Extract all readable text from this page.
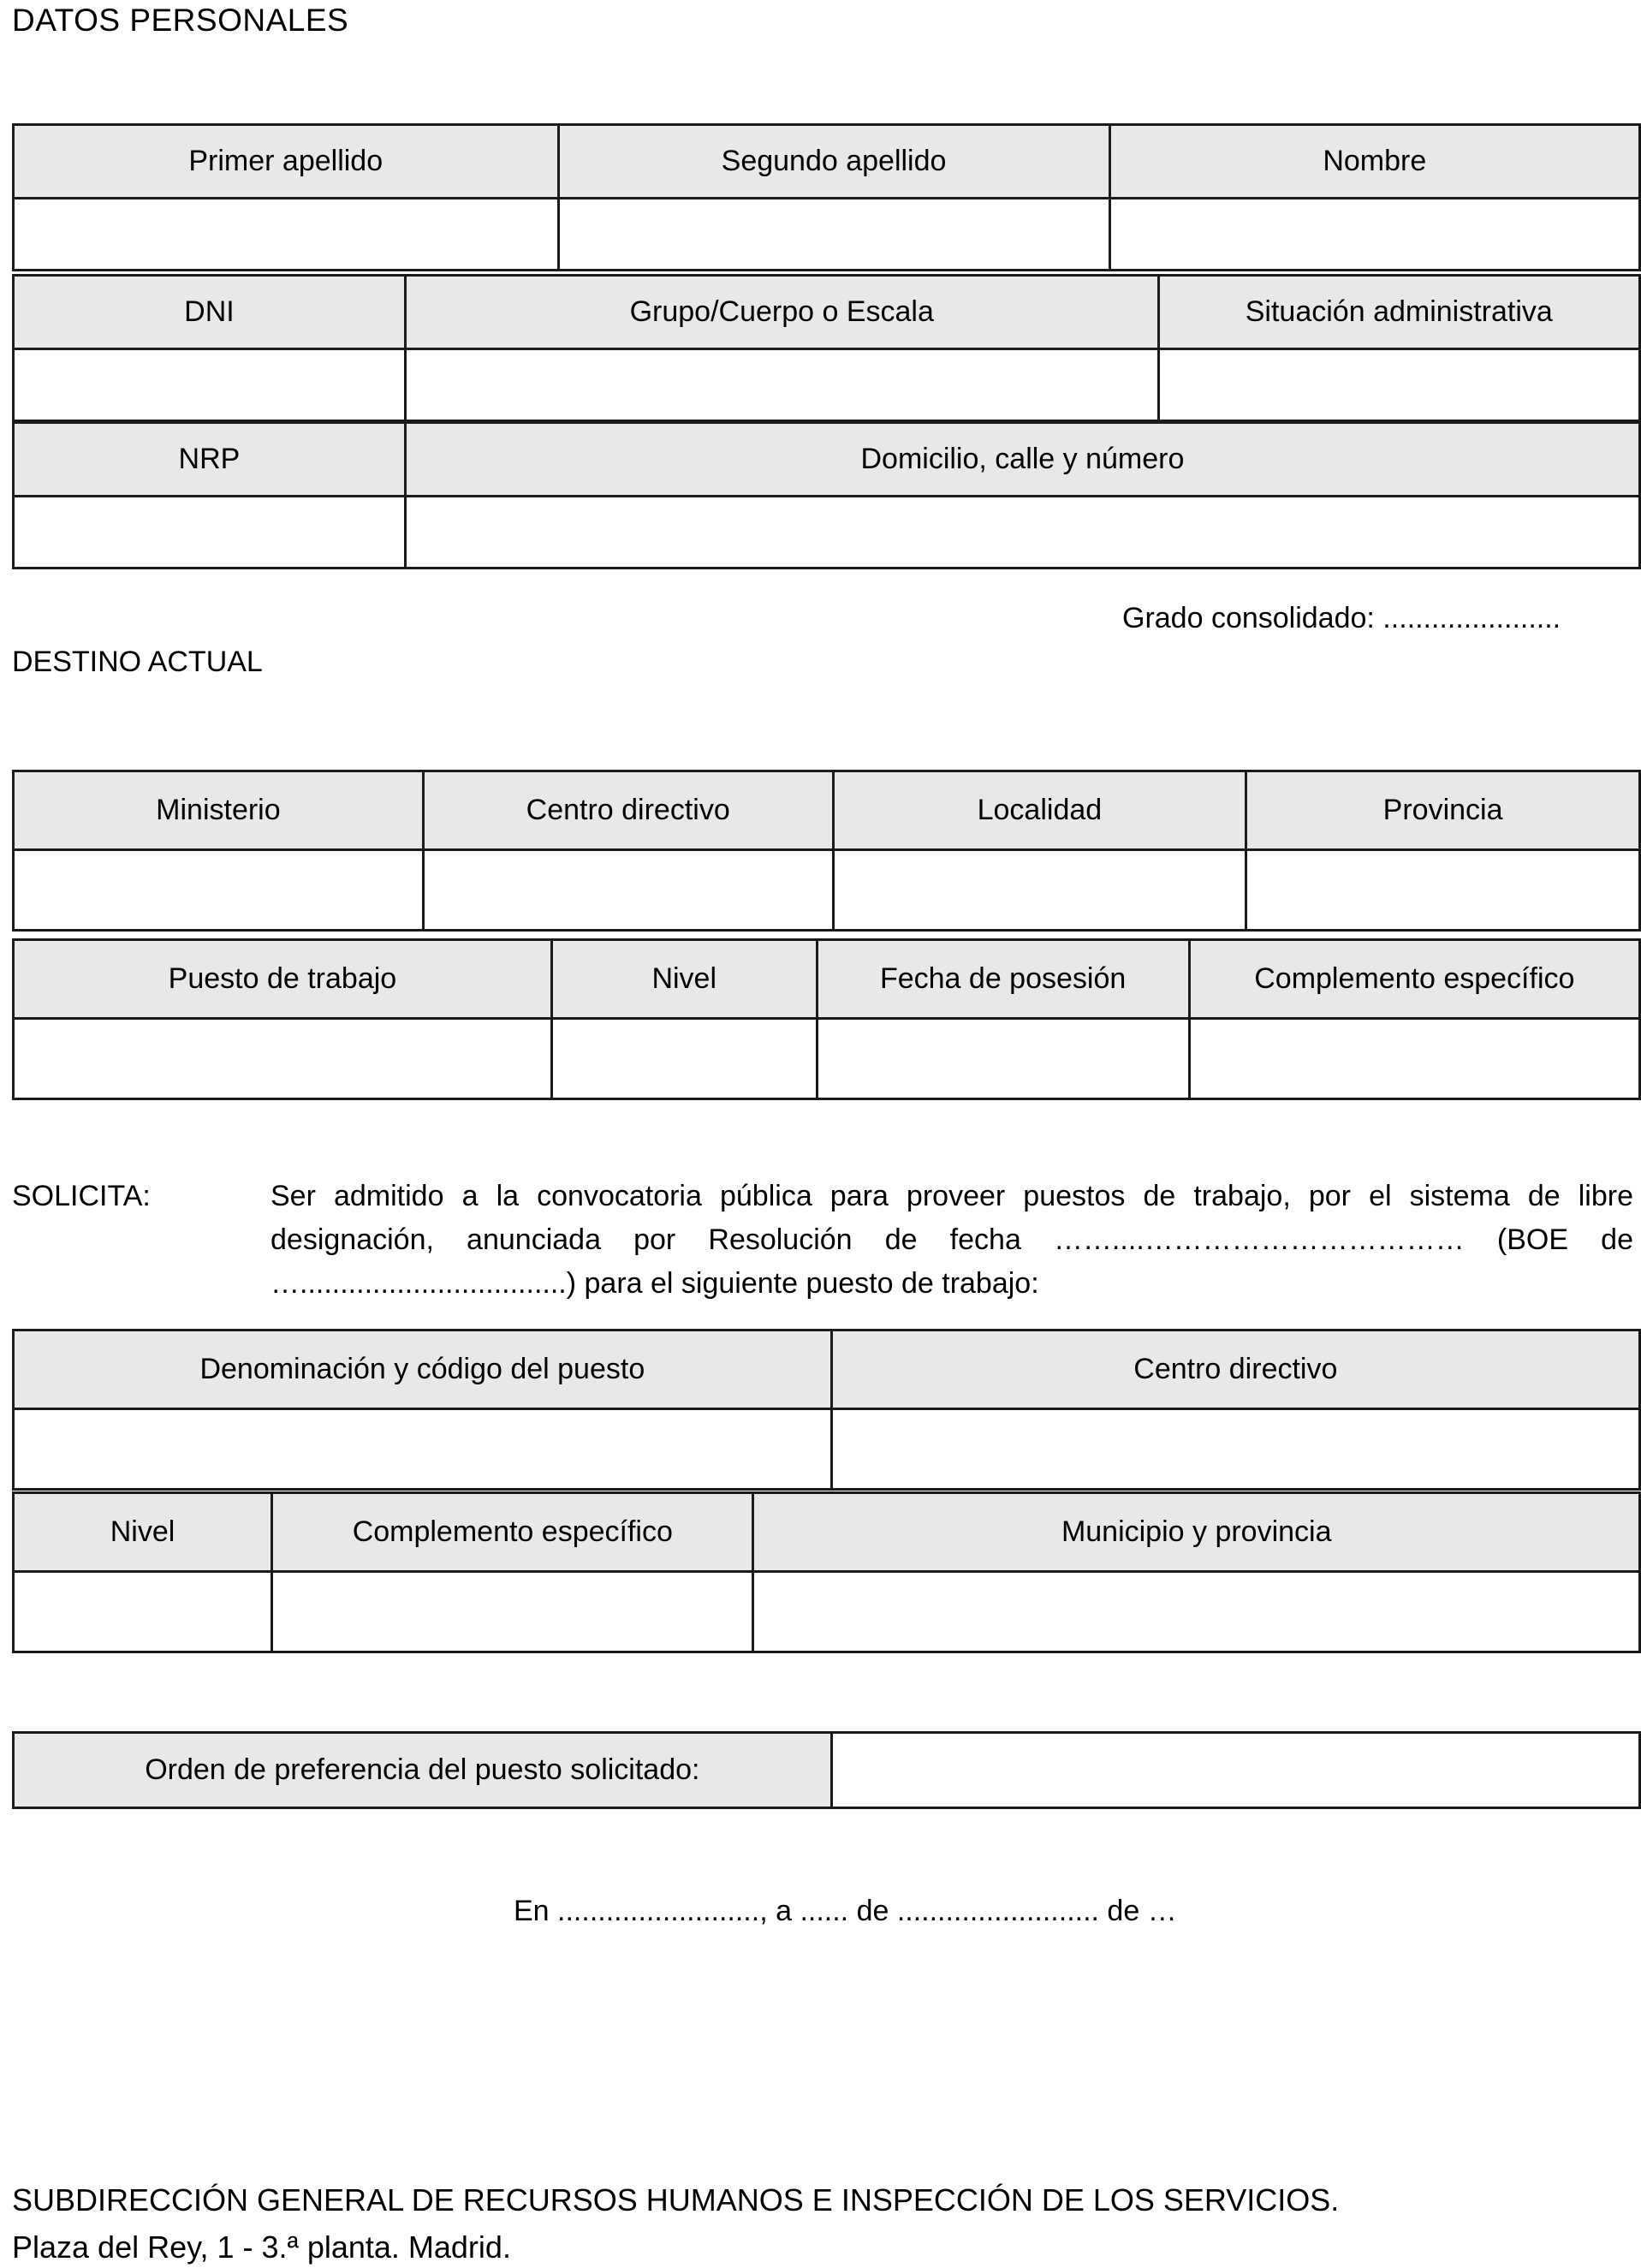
DATOS PERSONALES
Primer apellido	Segundo apellido	Nombre

DNI	Grupo/Cuerpo o Escala	Situación administrativa

NRP	Domicilio, calle y número

Grado consolidado: ......................
DESTINO ACTUAL
Ministerio	Centro directivo	Localidad	Provincia

Puesto de trabajo	Nivel	Fecha de posesión	Complemento específico

SOLICITA:	Ser admitido a la convocatoria pública para proveer puestos de trabajo, por el sistema de libre designación, anunciada por Resolución de fecha ……....…………………………… (BOE de ….................................) para el siguiente puesto de trabajo:
Denominación y código del puesto	Centro directivo

Nivel	Complemento específico	Municipio y provincia

Orden de preferencia del puesto solicitado:	
En ........................., a ...... de ......................... de …
SUBDIRECCIÓN GENERAL DE RECURSOS HUMANOS E INSPECCIÓN DE LOS SERVICIOS.
Plaza del Rey, 1 - 3.ª planta. Madrid.
